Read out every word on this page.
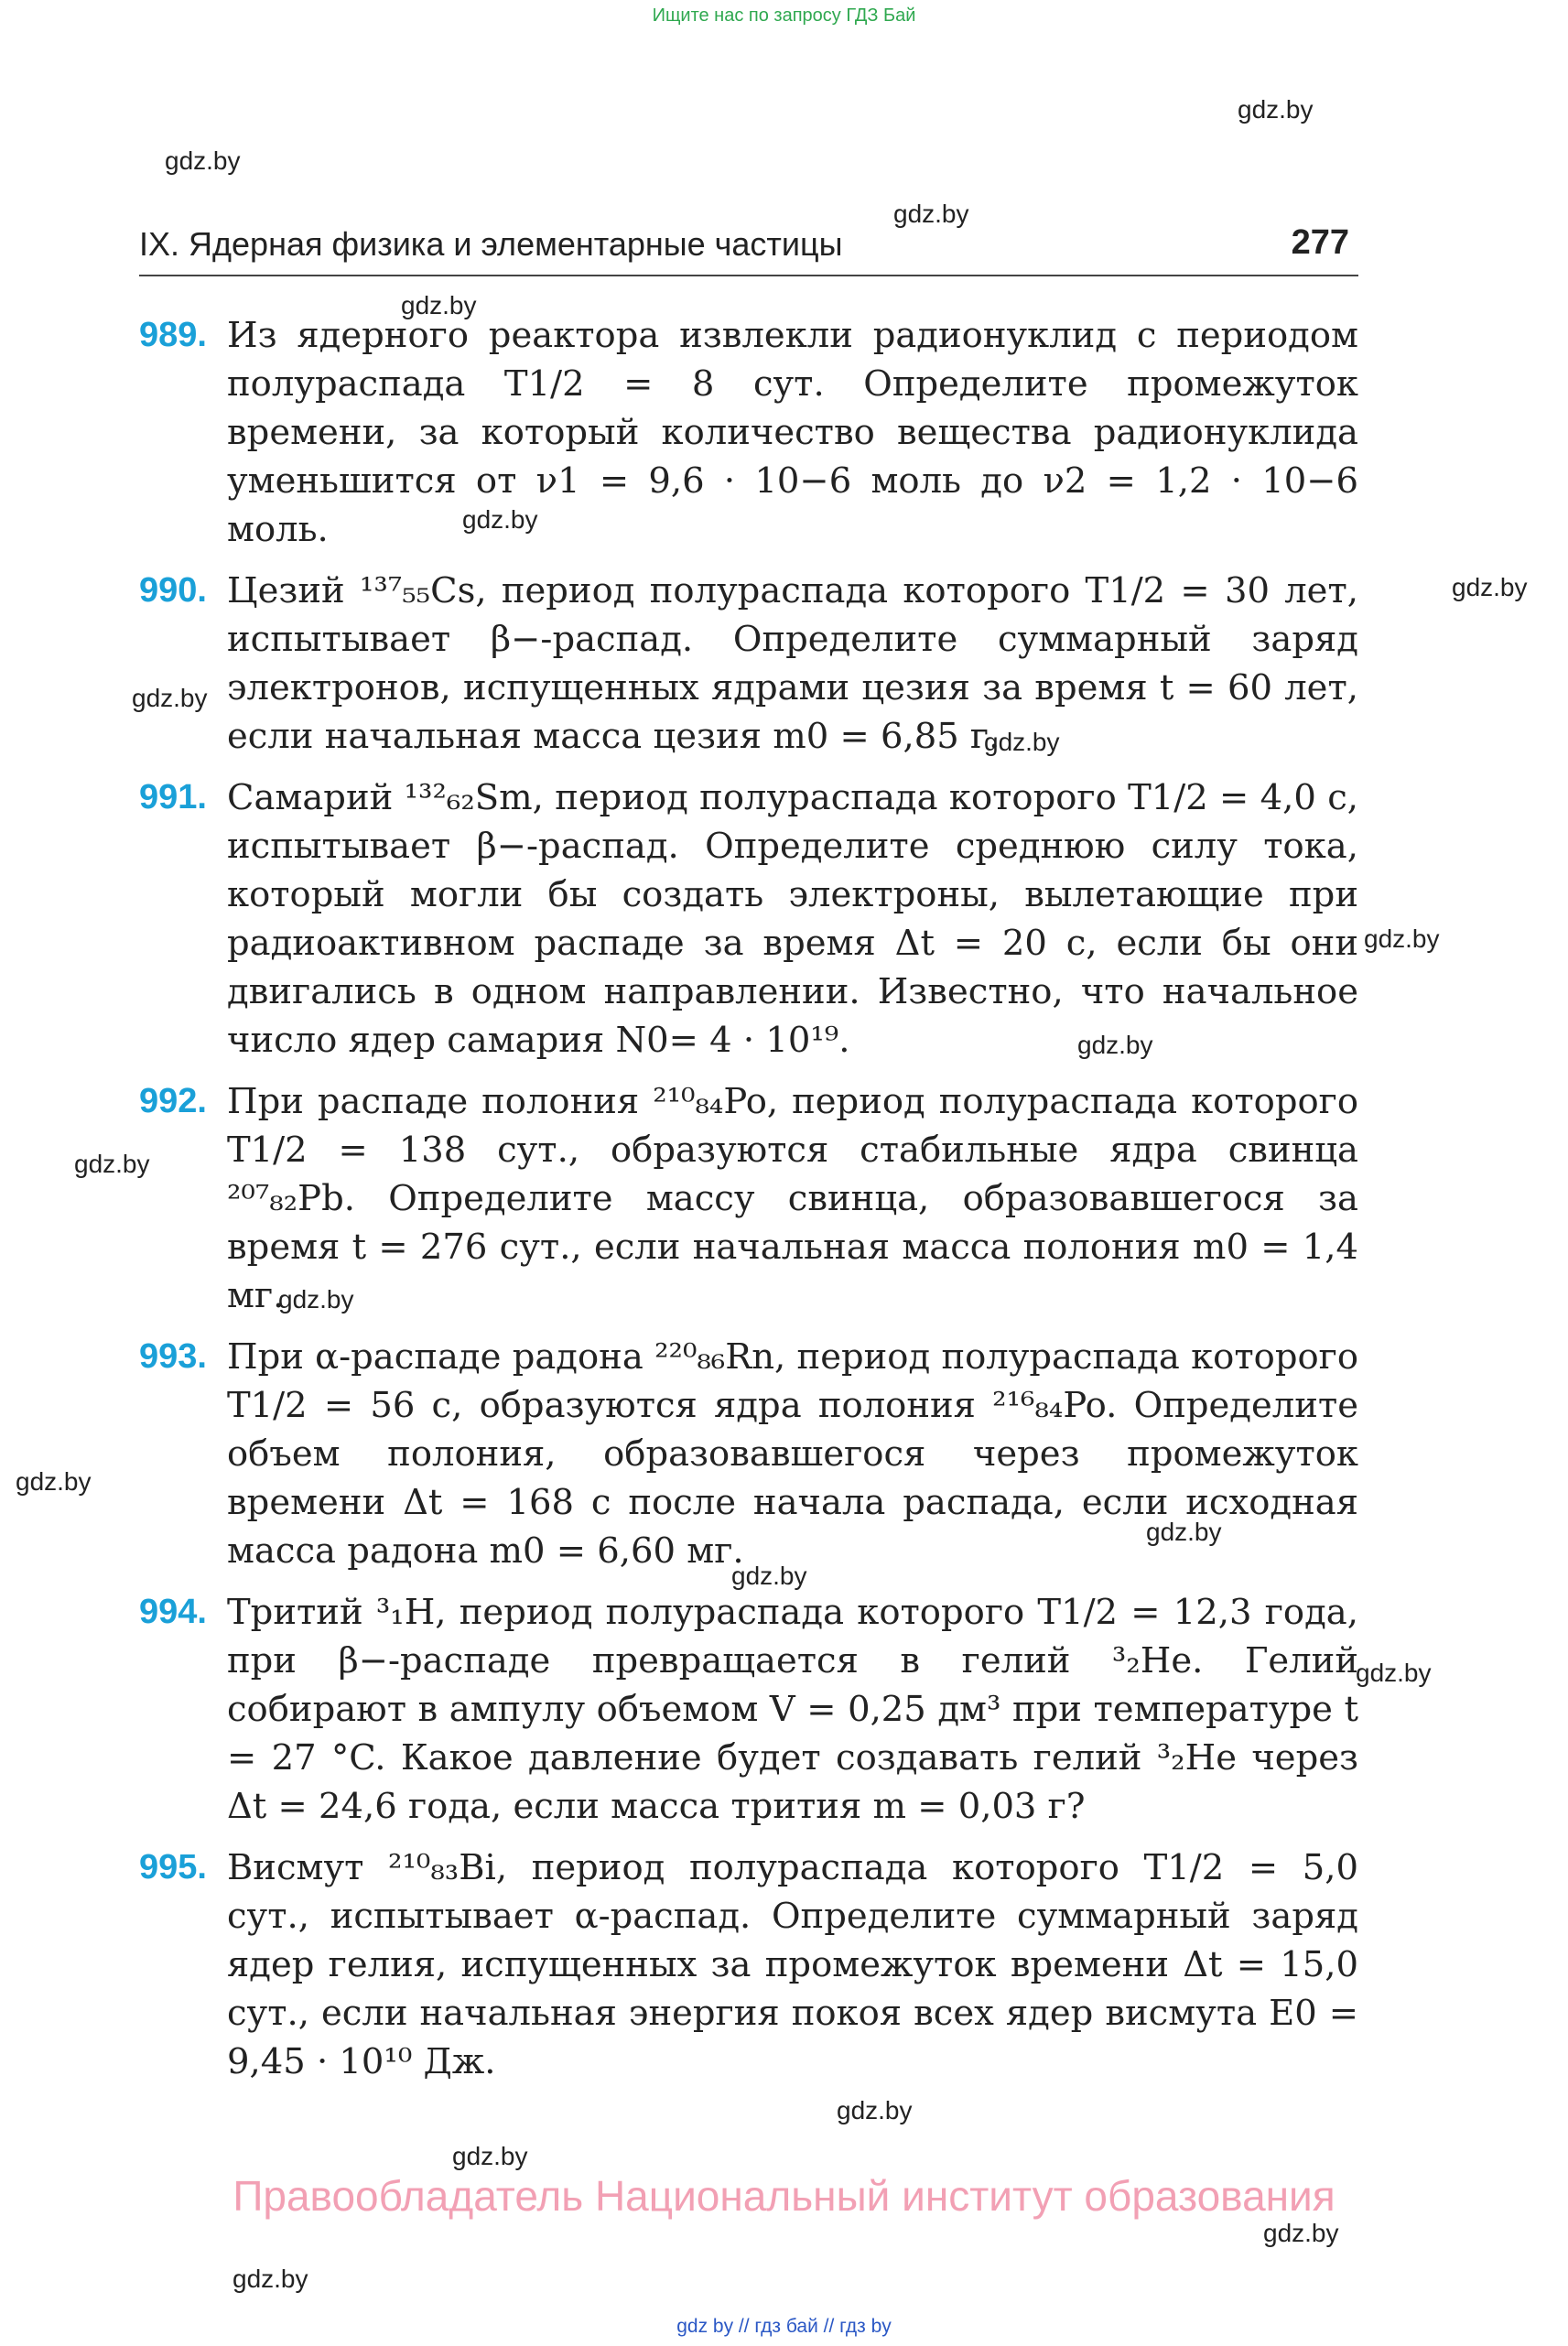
Ищите нас по запросу ГДЗ Бай
gdz.by
gdz.by
gdz.by
gdz.by
gdz.by
gdz.by
gdz.by
gdz.by
gdz.by
gdz.by
gdz.by
gdz.by
gdz.by
gdz.by
gdz.by
gdz.by
gdz.by
gdz.by
gdz.by
gdz.by
IX. Ядерная физика и элементарные частицы	277
989. Из ядерного реактора извлекли радионуклид с периодом полураспада T1/2 = 8 сут. Определите промежуток времени, за который количество вещества радионуклида уменьшится от ν1 = 9,6 · 10−6 моль до ν2 = 1,2 · 10−6 моль.
990. Цезий ¹³⁷₅₅Cs, период полураспада которого T1/2 = 30 лет, испытывает β−-распад. Определите суммарный заряд электронов, испущенных ядрами цезия за время t = 60 лет, если начальная масса цезия m0 = 6,85 г.
991. Самарий ¹³²₆₂Sm, период полураспада которого T1/2 = 4,0 с, испытывает β−-распад. Определите среднюю силу тока, который могли бы создать электроны, вылетающие при радиоактивном распаде за время Δt = 20 с, если бы они двигались в одном направлении. Известно, что начальное число ядер самария N0= 4 · 10¹⁹.
992. При распаде полония ²¹⁰₈₄Po, период полураспада которого T1/2 = 138 сут., образуются стабильные ядра свинца ²⁰⁷₈₂Pb. Определите массу свинца, образовавшегося за время t = 276 сут., если начальная масса полония m0 = 1,4 мг.
993. При α-распаде радона ²²⁰₈₆Rn, период полураспада которого T1/2 = 56 с, образуются ядра полония ²¹⁶₈₄Po. Определите объем полония, образовавшегося через промежуток времени Δt = 168 с после начала распада, если исходная масса радона m0 = 6,60 мг.
994. Тритий ³₁H, период полураспада которого T1/2 = 12,3 года, при β−-распаде превращается в гелий ³₂He. Гелий собирают в ампулу объемом V = 0,25 дм³ при температуре t = 27 °C. Какое давление будет создавать гелий ³₂He через Δt = 24,6 года, если масса трития m = 0,03 г?
995. Висмут ²¹⁰₈₃Bi, период полураспада которого T1/2 = 5,0 сут., испытывает α-распад. Определите суммарный заряд ядер гелия, испущенных за промежуток времени Δt = 15,0 сут., если начальная энергия покоя всех ядер висмута E0 = 9,45 · 10¹⁰ Дж.
Правообладатель Национальный институт образования
gdz by // гдз бай // гдз by
